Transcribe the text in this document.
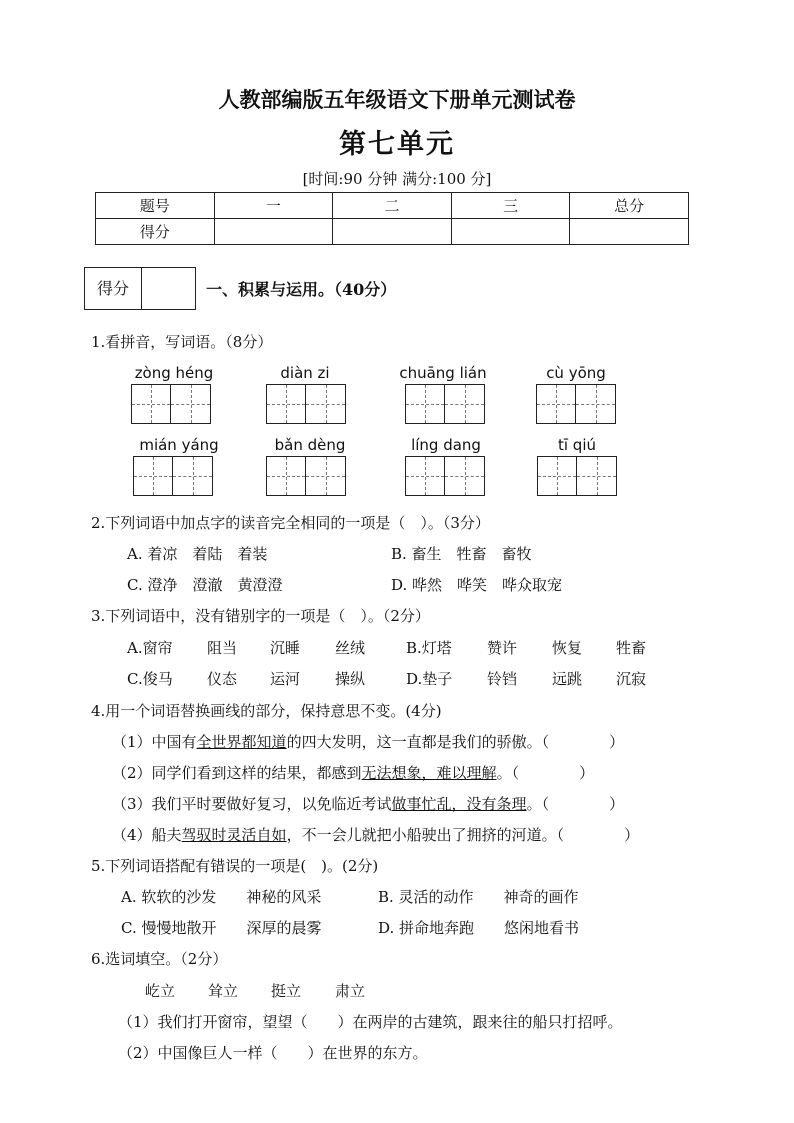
人教部编版五年级语文下册单元测试卷
第七单元
[时间:90 分钟 满分:100 分]
题号	一	二	三	总分
得分				
得分	一、积累与运用。（40分）
1.看拼音，写词语。（8分）
zòng héng	diàn zi	chuāng lián	cù yōng
mián yáng	bǎn dèng	líng dang	tī qiú
2.下列词语中加点字的读音完全相同的一项是（　）。（3分）
A. 着凉　着陆　着装	B. 畜生　牲畜　畜牧
C. 澄净　澄澈　黄澄澄	D. 哗然　哗笑　哗众取宠
3.下列词语中，没有错别字的一项是（　）。（2分）
A.窗帘 阻当 沉睡 丝绒	B.灯塔 赞许 恢复 牲畜
C.俊马 仪态 运河 操纵	D.垫子 铃铛 远跳 沉寂
4.用一个词语替换画线的部分，保持意思不变。(4分)
（1）中国有全世界都知道的四大发明，这一直都是我们的骄傲。（　　　　）
（2）同学们看到这样的结果，都感到无法想象，难以理解。（　　　　）
（3）我们平时要做好复习，以免临近考试做事忙乱，没有条理。（　　　　）
（4）船夫驾驭时灵活自如，不一会儿就把小船驶出了拥挤的河道。（　　　　）
5.下列词语搭配有错误的一项是(　)。(2分)
A. 软软的沙发　　神秘的风采	B. 灵活的动作　　神奇的画作
C. 慢慢地散开　　深厚的晨雾	D. 拼命地奔跑　　悠闲地看书
6.选词填空。（2分）
屹立 耸立 挺立 肃立
（1）我们打开窗帘，望望（　　）在两岸的古建筑，跟来往的船只打招呼。
（2）中国像巨人一样（　　）在世界的东方。
